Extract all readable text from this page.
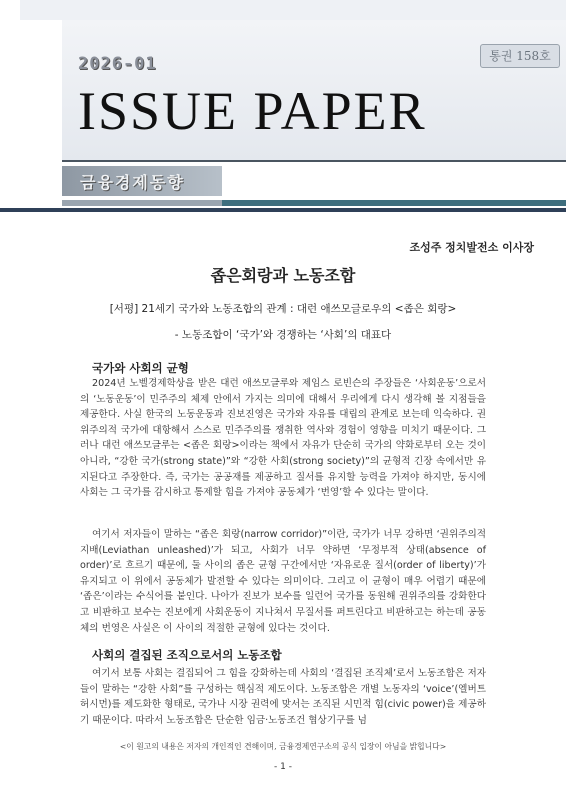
2026-01	통권 158호
ISSUE PAPER
금융경제동향
조성주 정치발전소 이사장
좁은회랑과 노동조합
[서평] 21세기 국가와 노동조합의 관계 : 대런 애쓰모글로우의 <좁은 회랑>
- 노동조합이 ‘국가’와 경쟁하는 ‘사회’의 대표다
국가와 사회의 균형

2024년 노벨경제학상을 받은 대런 애쓰모글루와 제임스 로빈슨의 주장들은 ‘사회운동’으로서의 ‘노동운동’이 민주주의 체제 안에서 가지는 의미에 대해서 우리에게 다시 생각해 볼 지점들을 제공한다. 사실 한국의 노동운동과 진보진영은 국가와 자유를 대립의 관계로 보는데 익숙하다. 권위주의적 국가에 대항해서 스스로 민주주의를 쟁취한 역사와 경험이 영향을 미치기 때문이다. 그러나 대런 애쓰모글루는 <좁은 회랑>이라는 책에서 자유가 단순히 국가의 약화로부터 오는 것이 아니라, “강한 국가(strong state)”와 “강한 사회(strong society)”의 균형적 긴장 속에서만 유지된다고 주장한다. 즉, 국가는 공공재를 제공하고 질서를 유지할 능력을 가져야 하지만, 동시에 사회는 그 국가를 감시하고 통제할 힘을 가져야 공동체가 ‘번영’할 수 있다는 말이다.

여기서 저자들이 말하는 “좁은 회랑(narrow corridor)”이란, 국가가 너무 강하면 ‘권위주의적 지배(Leviathan unleashed)’가 되고, 사회가 너무 약하면 ‘무정부적 상태(absence of order)’로 흐르기 때문에, 둘 사이의 좁은 균형 구간에서만 ‘자유로운 질서(order of liberty)’가 유지되고 이 위에서 공동체가 발전할 수 있다는 의미이다. 그리고 이 균형이 매우 어렵기 때문에 ‘좁은’이라는 수식어를 붙인다. 나아가 진보가 보수를 일런어 국가를 동원해 권위주의를 강화한다고 비판하고 보수는 진보에게 사회운동이 지나쳐서 무질서를 퍼트린다고 비판하고는 하는데 공동체의 번영은 사실은 이 사이의 적절한 균형에 있다는 것이다.

사회의 결집된 조직으로서의 노동조합

여기서 보통 사회는 결집되어 그 힘을 강화하는데 사회의 ‘결집된 조직체’로서 노동조합은 저자들이 말하는 “강한 사회”를 구성하는 핵심적 제도이다. 노동조합은 개별 노동자의 ‘voice’(엘버트 허시먼)를 제도화한 형태로, 국가나 시장 권력에 맞서는 조직된 시민적 힘(civic power)을 제공하기 때문이다. 따라서 노동조합은 단순한 임금·노동조건 협상기구를 넘

<이 원고의 내용은 저자의 개인적인 견해이며, 금융경제연구소의 공식 입장이 아님을 밝힙니다>
- 1 -
